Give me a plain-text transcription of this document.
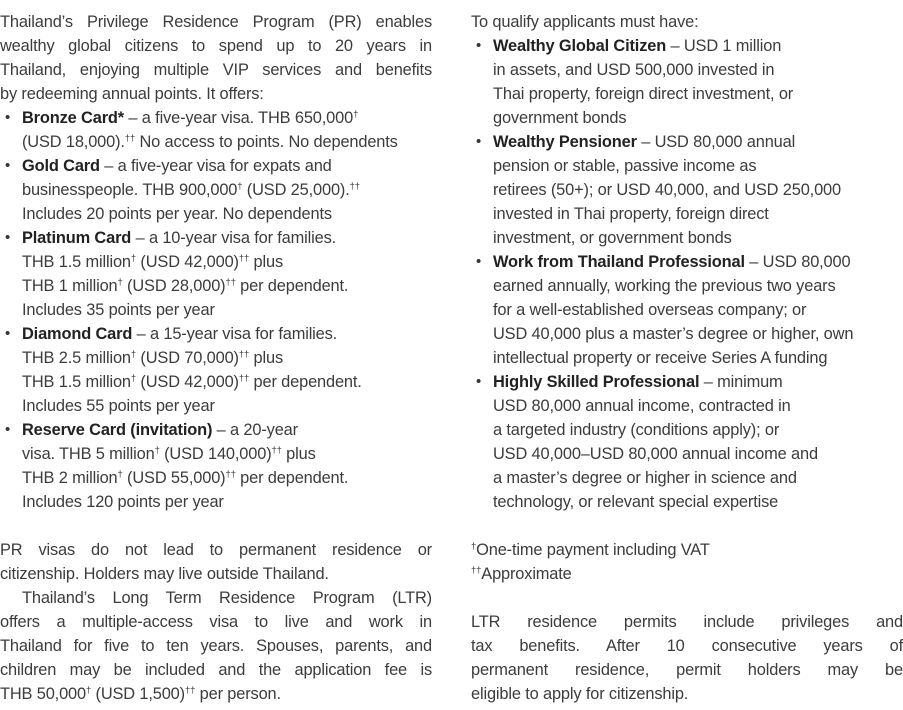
Thailand’s Privilege Residence Program (PR) enables
wealthy global citizens to spend up to 20 years in
Thailand, enjoying multiple VIP services and benefits
by redeeming annual points. It offers:
• Bronze Card* – a five-year visa. THB 650,000†
(USD 18,000).†† No access to points. No dependents
• Gold Card – a five-year visa for expats and
businesspeople. THB 900,000† (USD 25,000).††
Includes 20 points per year. No dependents
• Platinum Card – a 10-year visa for families.
THB 1.5 million† (USD 42,000)†† plus
THB 1 million† (USD 28,000)†† per dependent.
Includes 35 points per year
• Diamond Card – a 15-year visa for families.
THB 2.5 million† (USD 70,000)†† plus
THB 1.5 million† (USD 42,000)†† per dependent.
Includes 55 points per year
• Reserve Card (invitation) – a 20-year
visa. THB 5 million† (USD 140,000)†† plus
THB 2 million† (USD 55,000)†† per dependent.
Includes 120 points per year
PR visas do not lead to permanent residence or
citizenship. Holders may live outside Thailand.
Thailand’s Long Term Residence Program (LTR)
offers a multiple-access visa to live and work in
Thailand for five to ten years. Spouses, parents, and
children may be included and the application fee is
THB 50,000† (USD 1,500)†† per person.
To qualify applicants must have:
• Wealthy Global Citizen – USD 1 million
in assets, and USD 500,000 invested in
Thai property, foreign direct investment, or
government bonds
• Wealthy Pensioner – USD 80,000 annual
pension or stable, passive income as
retirees (50+); or USD 40,000, and USD 250,000
invested in Thai property, foreign direct
investment, or government bonds
• Work from Thailand Professional – USD 80,000
earned annually, working the previous two years
for a well-established overseas company; or
USD 40,000 plus a master’s degree or higher, own
intellectual property or receive Series A funding
• Highly Skilled Professional – minimum
USD 80,000 annual income, contracted in
a targeted industry (conditions apply); or
USD 40,000–USD 80,000 annual income and
a master’s degree or higher in science and
technology, or relevant special expertise
†One-time payment including VAT
††Approximate
LTR residence permits include privileges and
tax benefits. After 10 consecutive years of
permanent residence, permit holders may be
eligible to apply for citizenship.
